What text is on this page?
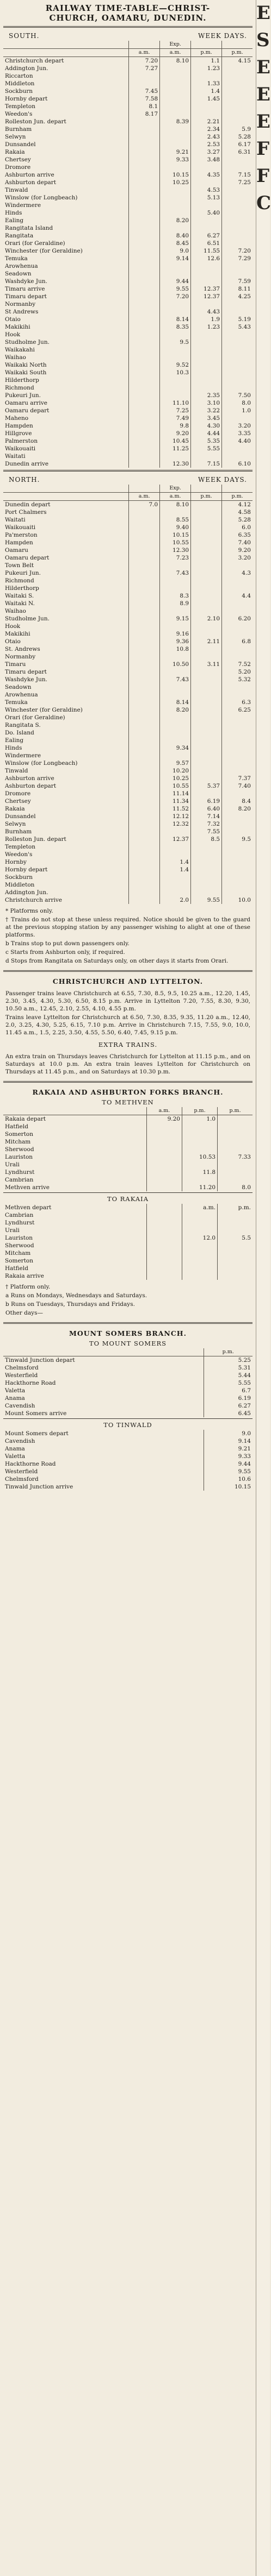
RAILWAY TIME-TABLE—CHRIST-
CHURCH, OAMARU, DUNEDIN.
SOUTH.	WEEK DAYS.
		Exp.		
	a.m.	a.m.	p.m.	p.m.
Christchurch depart	7.20	8.10	1.1	4.15
Addington Jun.	7.27		1.23	
Riccarton				
Middleton			1.33	
Sockburn	7.45		1.4	
Hornby depart	7.58		1.45	
Templeton	8.1			
Weedon's	8.17			
Rolleston Jun. depart		8.39	2.21	
Burnham			2.34	5.9
Selwyn			2.43	5.28
Dunsandel			2.53	6.17
Rakaia		9.21	3.27	6.31
Chertsey		9.33	3.48	
Dromore				
Ashburton arrive		10.15	4.35	7.15
Ashburton depart		10.25		7.25
Tinwald			4.53	
Winslow (for Longbeach)			5.13	
Windermere				
Hinds			5.40	
Ealing		8.20		
Rangitata Island				
Rangitata		8.40	6.27	
Orari (for Geraldine)		8.45	6.51	
Winchester (for Geraldine)		9.0	11.55	7.20
Temuka		9.14	12.6	7.29
Arowhenua				
Seadown				
Washdyke Jun.		9.44		7.59
Timaru arrive		9.55	12.37	8.11
Timaru depart		7.20	12.37	4.25
Normanby				
St Andrews			4.43	
Otaio		8.14	1.9	5.19
Makikihi		8.35	1.23	5.43
Hook				
Studholme Jun.		9.5		
Waikakahi				
Waihao				
Waikaki North		9.52		
Waikaki South		10.3		
Hilderthorp				
Richmond				
Pukeuri Jun.			2.35	7.50
Oamaru arrive		11.10	3.10	8.0
Oamaru depart		7.25	3.22	1.0
Maheno		7.49	3.45	
Hampden		9.8	4.30	3.20
Hillgrove		9.20	4.44	3.35
Palmerston		10.45	5.35	4.40
Waikouaiti		11.25	5.55	
Waitati				
Dunedin arrive		12.30	7.15	6.10
NORTH.	WEEK DAYS.
		Exp.		
	a.m.	a.m.	p.m.	p.m.
Dunedin depart	7.0	8.10		4.12
Port Chalmers				4.58
Waitati		8.55		5.28
Waikouaiti		9.40		6.0
Pa'merston		10.15		6.35
Hampden		10.55		7.40
Oamaru		12.30		9.20
Oamaru depart		7.23		3.20
Town Belt				
Pukeuri Jun.		7.43		4.3
Richmond				
Hilderthorp				
Waitaki S.		8.3		4.4
Waitaki N.		8.9		
Waihao				
Studholme Jun.		9.15	2.10	6.20
Hook				
Makikihi		9.16		
Otaio		9.36	2.11	6.8
St. Andrews		10.8		
Normanby				
Timaru		10.50	3.11	7.52
Timaru depart				5.20
Washdyke Jun.		7.43		5.32
Seadown				
Arowhenua				
Temuka		8.14		6.3
Winchester (for Geraldine)		8.20		6.25
Orari (for Geraldine)				
Rangitata S.				
Do. Island				
Ealing				
Hinds		9.34		
Windermere				
Winslow (for Longbeach)		9.57		
Tinwald		10.20		
Ashburton arrive		10.25		7.37
Ashburton depart		10.55	5.37	7.40
Dromore		11.14		
Chertsey		11.34	6.19	8.4
Rakaia		11.52	6.40	8.20
Dunsandel		12.12	7.14	
Selwyn		12.32	7.32	
Burnham			7.55	
Rolleston Jun. depart		12.37	8.5	9.5
Templeton				
Weedon's				
Hornby		1.4		
Hornby depart		1.4		
Sockburn				
Middleton				
Addington Jun.				
Christchurch arrive		2.0	9.55	10.0

* Platforms only.

† Trains do not stop at these unless required. Notice should be given to the guard at the previous stopping station by any passenger wishing to alight at one of these platforms.

b Trains stop to put down passengers only.

c Starts from Ashburton only, if required.

d Stops from Rangitata on Saturdays only, on other days it starts from Orari.

CHRISTCHURCH AND LYTTELTON.

Passenger trains leave Christchurch at 6.55, 7.30, 8.5, 9.5, 10.25 a.m., 12.20, 1.45, 2.30, 3.45, 4.30, 5.30, 6.50, 8.15 p.m. Arrive in Lyttelton 7.20, 7.55, 8.30, 9.30, 10.50 a.m., 12.45, 2.10, 2.55, 4.10, 4.55 p.m.

Trains leave Lyttelton for Christchurch at 6.50, 7.30, 8.35, 9.35, 11.20 a.m., 12.40, 2.0, 3.25, 4.30, 5.25, 6.15, 7.10 p.m. Arrive in Christchurch 7.15, 7.55, 9.0, 10.0, 11.45 a.m., 1.5, 2.25, 3.50, 4.55, 5.50, 6.40, 7.45, 9.15 p.m.

EXTRA TRAINS.

An extra train on Thursdays leaves Christchurch for Lyttelton at 11.15 p.m., and on Saturdays at 10.0 p.m. An extra train leaves Lyttelton for Christchurch on Thursdays at 11.45 p.m., and on Saturdays at 10.30 p.m.

RAKAIA AND ASHBURTON FORKS BRANCH.
TO METHVEN
	a.m.	p.m.	p.m.
Rakaia depart	9.20	1.0	
Hatfield			
Somerton			
Mitcham			
Sherwood			
Lauriston		10.53	7.33
Urali			
Lyndhurst		11.8	
Cambrian			
Methven arrive		11.20	8.0
TO RAKAIA
Methven depart		a.m.	p.m.
Cambrian			
Lyndhurst			
Urali			
Lauriston		12.0	5.5
Sherwood			
Mitcham			
Somerton			
Hatfield			
Rakaia arrive			

† Platform only.

a Runs on Mondays, Wednesdays and Saturdays.

b Runs on Tuesdays, Thursdays and Fridays.

Other days—

MOUNT SOMERS BRANCH.
TO MOUNT SOMERS
	p.m.
Tinwald Junction depart	5.25
Chelmsford	5.31
Westerfield	5.44
Hackthorne Road	5.55
Valetta	6.7
Anama	6.19
Cavendish	6.27
Mount Somers arrive	6.45
TO TINWALD
Mount Somers depart	9.0
Cavendish	9.14
Anama	9.21
Valetta	9.33
Hackthorne Road	9.44
Westerfield	9.55
Chelmsford	10.6
Tinwald Junction arrive	10.15
E
S
E
E
E
F
F
C
